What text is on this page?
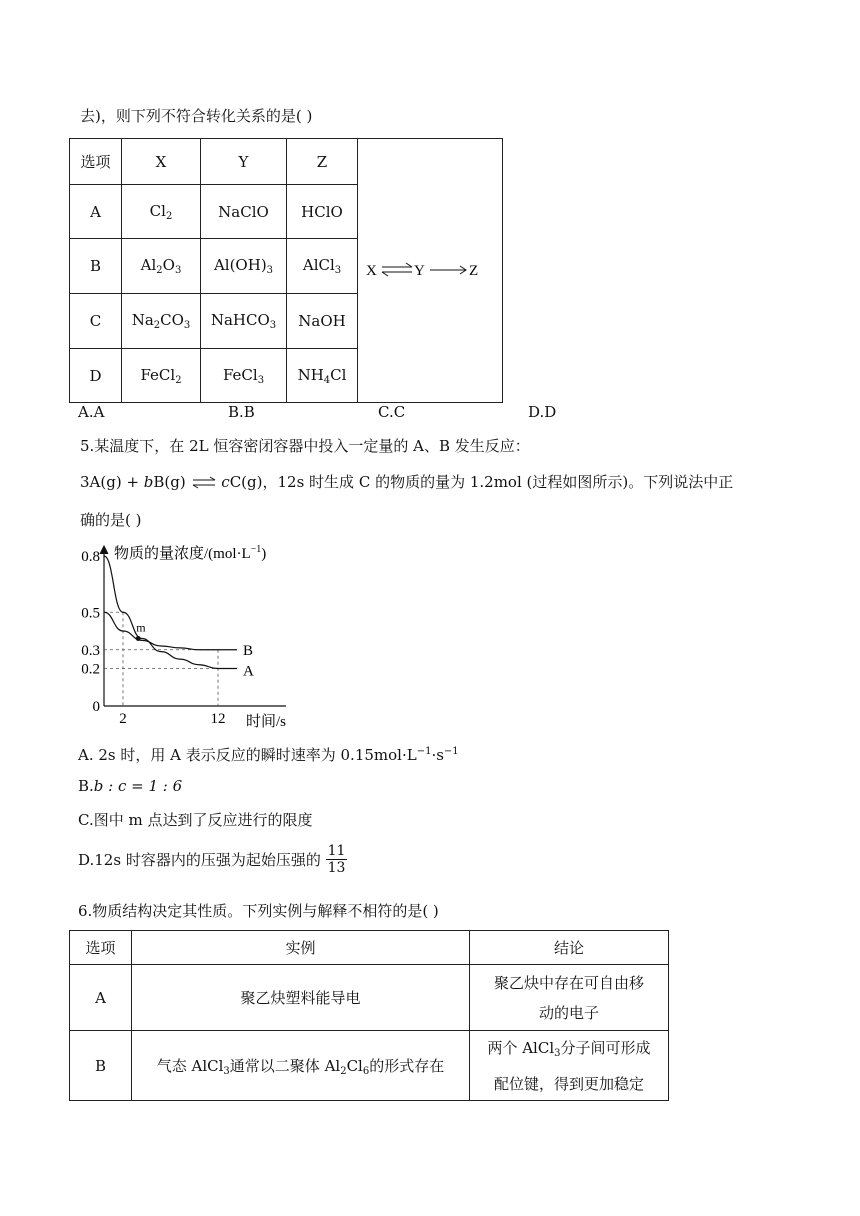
去)，则下列不符合转化关系的是( )
选项	X	Y	Z	X Y Z

A	$Cl_2$	NaClO	HClO	
B	$Al_2O_3$	$Al(OH)_3$	AlCl$_3$
C	$Na_2CO_3$	NaHCO$_3$	NaOH	
D	FeCl$_2$	FeCl$_3$	$NH_4Cl$	
A.A	B.B	C.C	D.D
5.某温度下，在 2L 恒容密闭容器中投入一定量的 A、B 发生反应：
3A(g) + bB(g) ⇌ cC(g)，12s 时生成 C 的物质的量为 1.2mol (过程如图所示)。下列说法中正
确的是( )
物质的量浓度$/(mol\cdot L^{-1})$
0
0.2
0.3
0.5
0.8
2	12 时间/s
B
A
m
A. 2s 时，用 A 表示反应的瞬时速率为 $0.15mol\cdot L^{-1}\cdot s^{-1}$
B.b : c = 1 : 6
C.图中 m 点达到了反应进行的限度
D.12s 时容器内的压强为起始压强的 $\frac{11}{13}$
6.物质结构决定其性质。下列实例与解释不相符的是( )
选项	实例	结论
A	聚乙炔塑料能导电	聚乙炔中存在可自由移
动的电子

B	气态 AlCl$_3$通常以二聚体 $Al_2Cl_6$的形式存在	两个 AlCl$_3$分子间可形成
配位键，得到更加稳定
